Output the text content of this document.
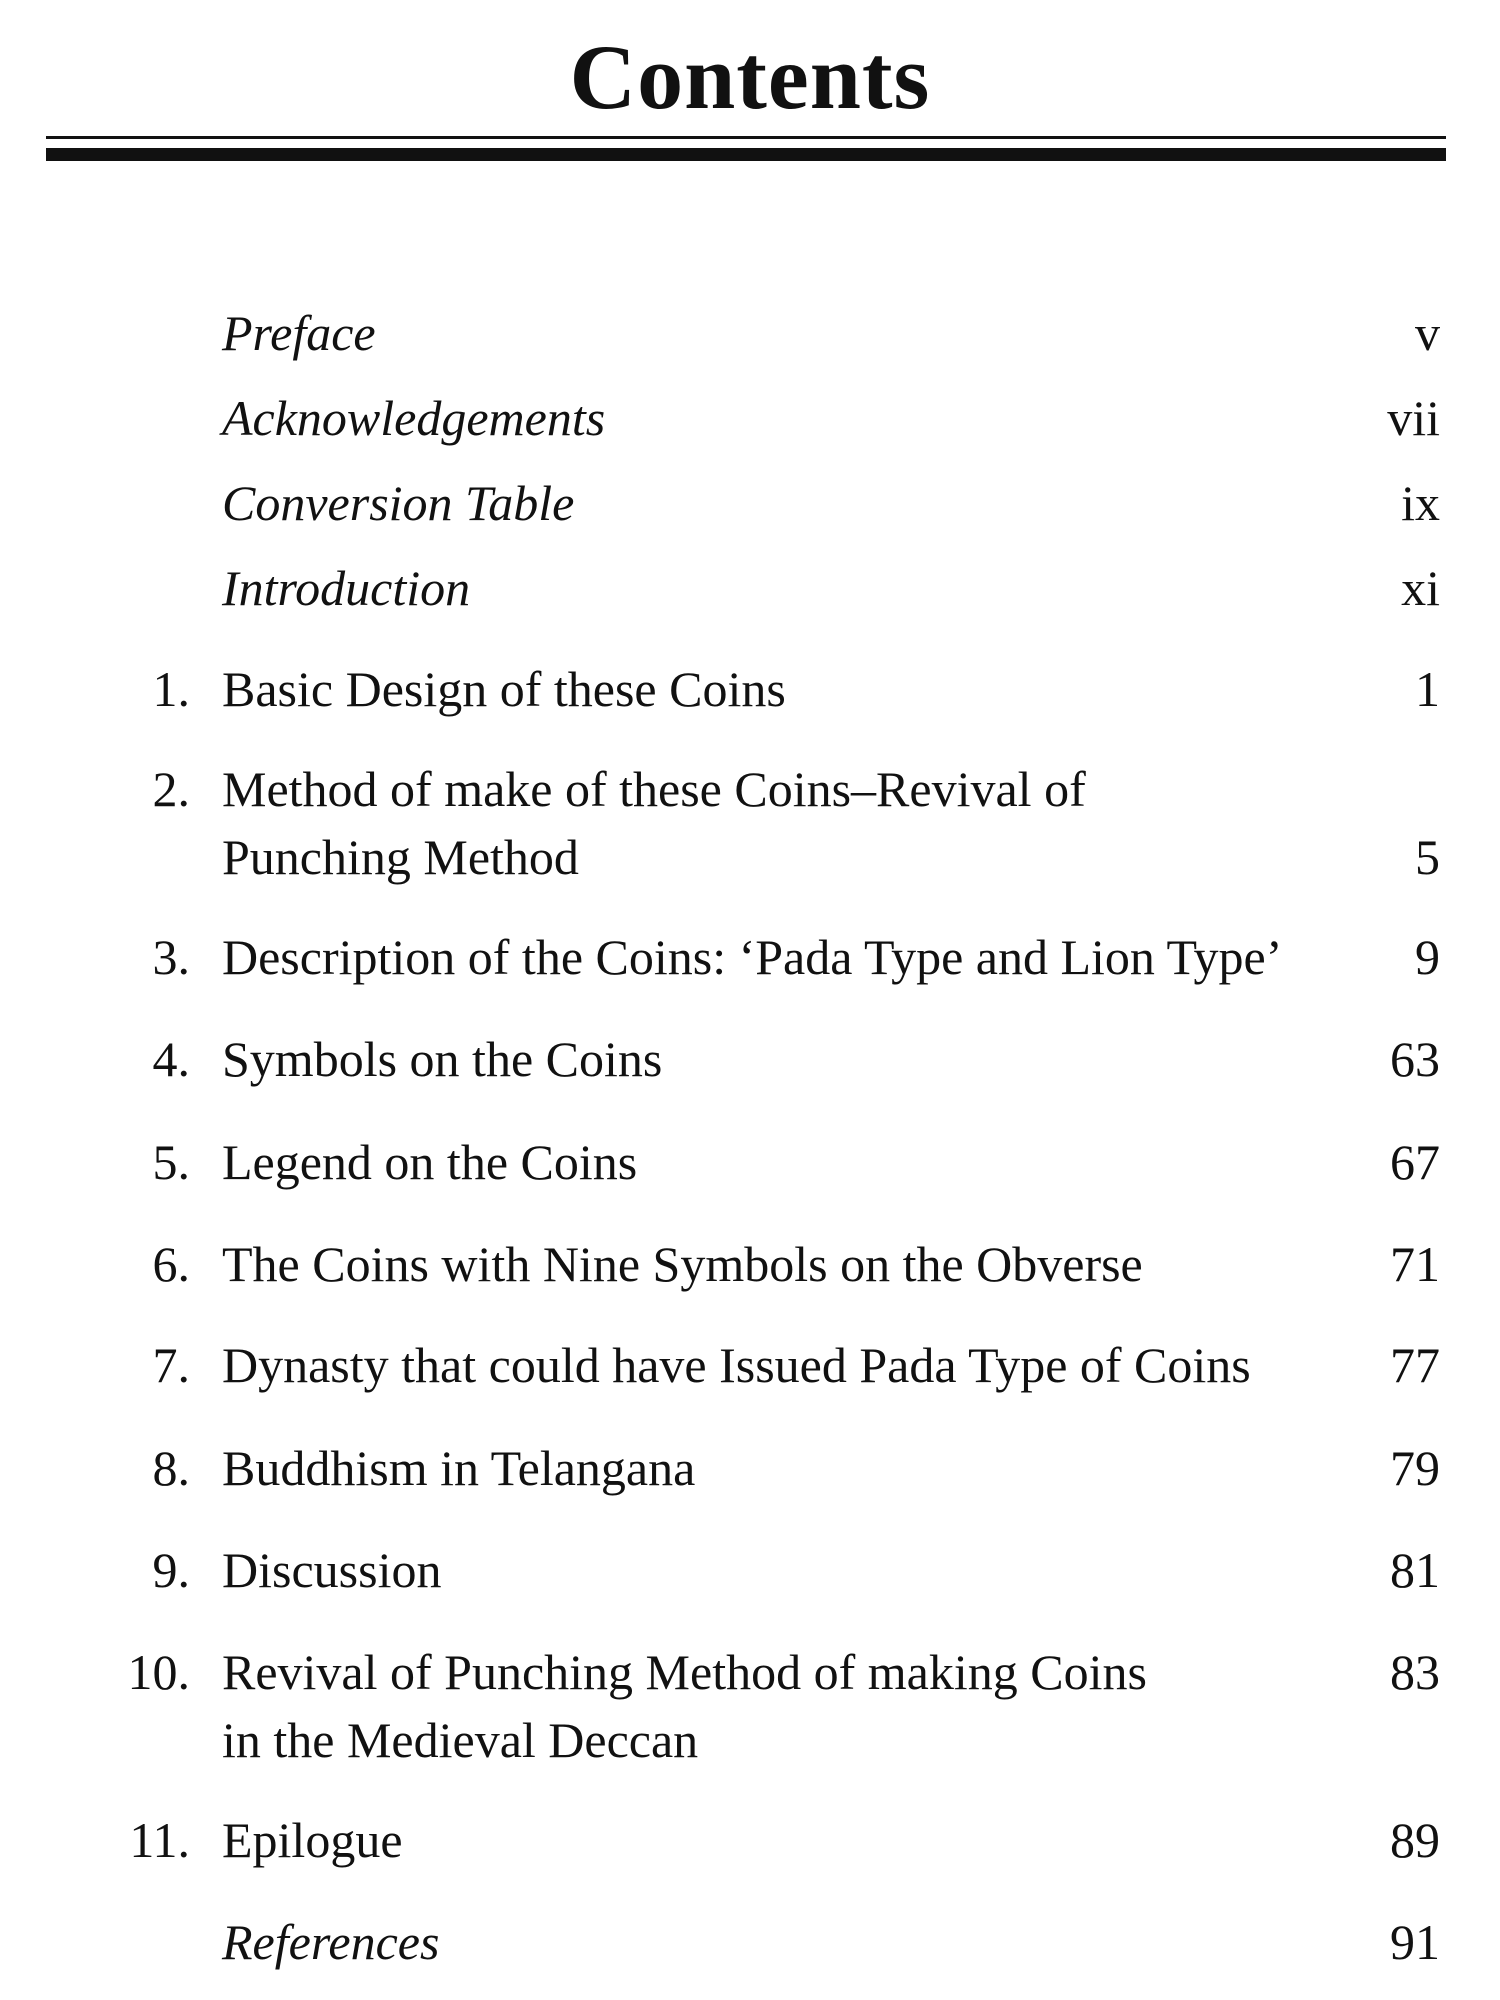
Contents
Preface	v
Acknowledgements	vii
Conversion Table	ix
Introduction	xi
1. Basic Design of these Coins	1
2. Method of make of these Coins–Revival of
Punching Method	5
3. Description of the Coins: ‘Pada Type and Lion Type’	9
4. Symbols on the Coins	63
5. Legend on the Coins	67
6. The Coins with Nine Symbols on the Obverse	71
7. Dynasty that could have Issued Pada Type of Coins	77
8. Buddhism in Telangana	79
9. Discussion	81
10. Revival of Punching Method of making Coins	83
in the Medieval Deccan
11. Epilogue	89
References	91
